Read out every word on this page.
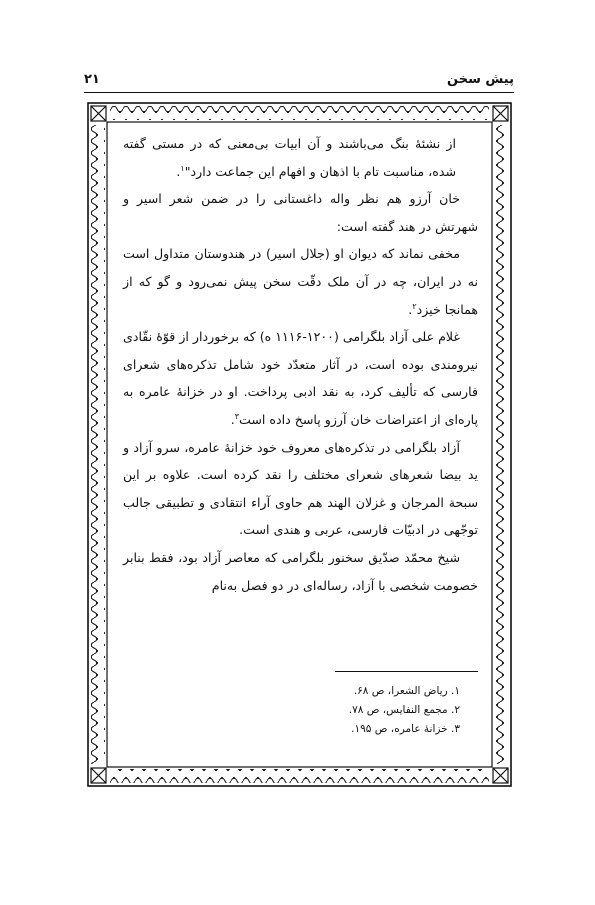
پیش سخن
۲۱

از نشئهٔ بنگ می‌باشند و آن ابیات بی‌معنی که در مستی گفته شده، مناسبت تام با اذهان و افهام این جماعت دارد"$^۱$.

خان آرزو هم نظر واله داغستانی را در ضمن شعر اسیر و شهرتش در هند گفته است:

مخفی نماند که دیوان او (جلال اسیر) در هندوستان متداول است نه در ایران، چه در آن ملک دقّت سخن پیش نمی‌رود و گو که از همانجا خیزد$^۲$.

غلام علی آزاد بلگرامی (۱۲۰۰-۱۱۱۶ ه) که برخوردار از قوّهٔ نقّادی نیرومندی بوده است، در آثار متعدّد خود شامل تذکره‌های شعرای فارسی که تألیف کرد، به نقد ادبی پرداخت. او در خزانهٔ عامره به پاره‌ای از اعتراضات خان آرزو پاسخ داده است$^۳$.

آزاد بلگرامی در تذکره‌های معروف خود خزانهٔ عامره، سرو آزاد و ید بیضا شعرهای شعرای مختلف را نقد کرده است. علاوه بر این سبحة المرجان و غزلان الهند هم حاوی آراء انتقادی و تطبیقی جالب توجّهی در ادبیّات فارسی، عربی و هندی است.

شیخ محمّد صدّیق سخنور بلگرامی که معاصر آزاد بود، فقط بنابر خصومت شخصی با آزاد، رساله‌ای در دو فصل به‌نام

۱. ریاض الشعرا، ص ۶۸.
۲. مجمع النفایس، ص ۷۸.
۳. خزانهٔ عامره، ص ۱۹۵.
